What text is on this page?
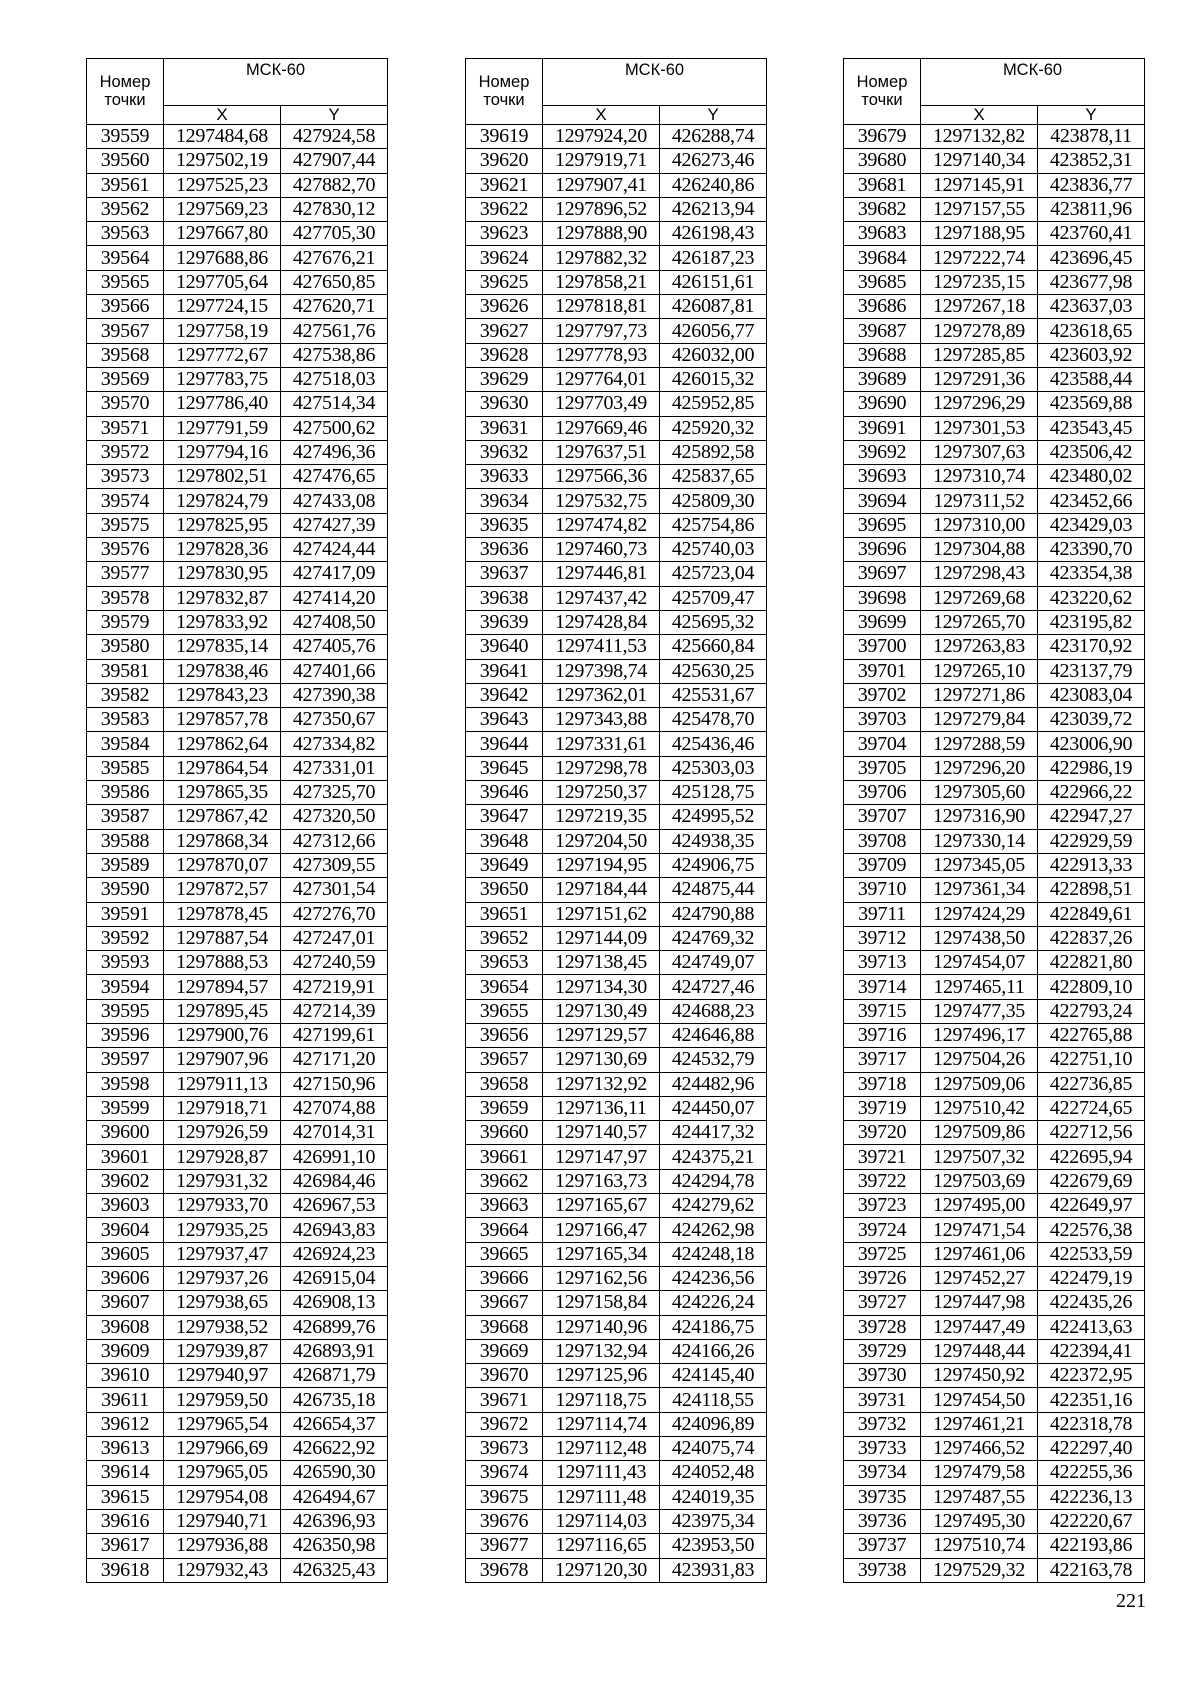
Номер точки	МСК-60	
	X	Y
39559	1297484,68	427924,58
39560	1297502,19	427907,44
39561	1297525,23	427882,70
39562	1297569,23	427830,12
39563	1297667,80	427705,30
39564	1297688,86	427676,21
39565	1297705,64	427650,85
39566	1297724,15	427620,71
39567	1297758,19	427561,76
39568	1297772,67	427538,86
39569	1297783,75	427518,03
39570	1297786,40	427514,34
39571	1297791,59	427500,62
39572	1297794,16	427496,36
39573	1297802,51	427476,65
39574	1297824,79	427433,08
39575	1297825,95	427427,39
39576	1297828,36	427424,44
39577	1297830,95	427417,09
39578	1297832,87	427414,20
39579	1297833,92	427408,50
39580	1297835,14	427405,76
39581	1297838,46	427401,66
39582	1297843,23	427390,38
39583	1297857,78	427350,67
39584	1297862,64	427334,82
39585	1297864,54	427331,01
39586	1297865,35	427325,70
39587	1297867,42	427320,50
39588	1297868,34	427312,66
39589	1297870,07	427309,55
39590	1297872,57	427301,54
39591	1297878,45	427276,70
39592	1297887,54	427247,01
39593	1297888,53	427240,59
39594	1297894,57	427219,91
39595	1297895,45	427214,39
39596	1297900,76	427199,61
39597	1297907,96	427171,20
39598	1297911,13	427150,96
39599	1297918,71	427074,88
39600	1297926,59	427014,31
39601	1297928,87	426991,10
39602	1297931,32	426984,46
39603	1297933,70	426967,53
39604	1297935,25	426943,83
39605	1297937,47	426924,23
39606	1297937,26	426915,04
39607	1297938,65	426908,13
39608	1297938,52	426899,76
39609	1297939,87	426893,91
39610	1297940,97	426871,79
39611	1297959,50	426735,18
39612	1297965,54	426654,37
39613	1297966,69	426622,92
39614	1297965,05	426590,30
39615	1297954,08	426494,67
39616	1297940,71	426396,93
39617	1297936,88	426350,98
39618	1297932,43	426325,43
Номер точки	МСК-60	
	X	Y
39619	1297924,20	426288,74
39620	1297919,71	426273,46
39621	1297907,41	426240,86
39622	1297896,52	426213,94
39623	1297888,90	426198,43
39624	1297882,32	426187,23
39625	1297858,21	426151,61
39626	1297818,81	426087,81
39627	1297797,73	426056,77
39628	1297778,93	426032,00
39629	1297764,01	426015,32
39630	1297703,49	425952,85
39631	1297669,46	425920,32
39632	1297637,51	425892,58
39633	1297566,36	425837,65
39634	1297532,75	425809,30
39635	1297474,82	425754,86
39636	1297460,73	425740,03
39637	1297446,81	425723,04
39638	1297437,42	425709,47
39639	1297428,84	425695,32
39640	1297411,53	425660,84
39641	1297398,74	425630,25
39642	1297362,01	425531,67
39643	1297343,88	425478,70
39644	1297331,61	425436,46
39645	1297298,78	425303,03
39646	1297250,37	425128,75
39647	1297219,35	424995,52
39648	1297204,50	424938,35
39649	1297194,95	424906,75
39650	1297184,44	424875,44
39651	1297151,62	424790,88
39652	1297144,09	424769,32
39653	1297138,45	424749,07
39654	1297134,30	424727,46
39655	1297130,49	424688,23
39656	1297129,57	424646,88
39657	1297130,69	424532,79
39658	1297132,92	424482,96
39659	1297136,11	424450,07
39660	1297140,57	424417,32
39661	1297147,97	424375,21
39662	1297163,73	424294,78
39663	1297165,67	424279,62
39664	1297166,47	424262,98
39665	1297165,34	424248,18
39666	1297162,56	424236,56
39667	1297158,84	424226,24
39668	1297140,96	424186,75
39669	1297132,94	424166,26
39670	1297125,96	424145,40
39671	1297118,75	424118,55
39672	1297114,74	424096,89
39673	1297112,48	424075,74
39674	1297111,43	424052,48
39675	1297111,48	424019,35
39676	1297114,03	423975,34
39677	1297116,65	423953,50
39678	1297120,30	423931,83
Номер точки	МСК-60	
	X	Y
39679	1297132,82	423878,11
39680	1297140,34	423852,31
39681	1297145,91	423836,77
39682	1297157,55	423811,96
39683	1297188,95	423760,41
39684	1297222,74	423696,45
39685	1297235,15	423677,98
39686	1297267,18	423637,03
39687	1297278,89	423618,65
39688	1297285,85	423603,92
39689	1297291,36	423588,44
39690	1297296,29	423569,88
39691	1297301,53	423543,45
39692	1297307,63	423506,42
39693	1297310,74	423480,02
39694	1297311,52	423452,66
39695	1297310,00	423429,03
39696	1297304,88	423390,70
39697	1297298,43	423354,38
39698	1297269,68	423220,62
39699	1297265,70	423195,82
39700	1297263,83	423170,92
39701	1297265,10	423137,79
39702	1297271,86	423083,04
39703	1297279,84	423039,72
39704	1297288,59	423006,90
39705	1297296,20	422986,19
39706	1297305,60	422966,22
39707	1297316,90	422947,27
39708	1297330,14	422929,59
39709	1297345,05	422913,33
39710	1297361,34	422898,51
39711	1297424,29	422849,61
39712	1297438,50	422837,26
39713	1297454,07	422821,80
39714	1297465,11	422809,10
39715	1297477,35	422793,24
39716	1297496,17	422765,88
39717	1297504,26	422751,10
39718	1297509,06	422736,85
39719	1297510,42	422724,65
39720	1297509,86	422712,56
39721	1297507,32	422695,94
39722	1297503,69	422679,69
39723	1297495,00	422649,97
39724	1297471,54	422576,38
39725	1297461,06	422533,59
39726	1297452,27	422479,19
39727	1297447,98	422435,26
39728	1297447,49	422413,63
39729	1297448,44	422394,41
39730	1297450,92	422372,95
39731	1297454,50	422351,16
39732	1297461,21	422318,78
39733	1297466,52	422297,40
39734	1297479,58	422255,36
39735	1297487,55	422236,13
39736	1297495,30	422220,67
39737	1297510,74	422193,86
39738	1297529,32	422163,78
221
